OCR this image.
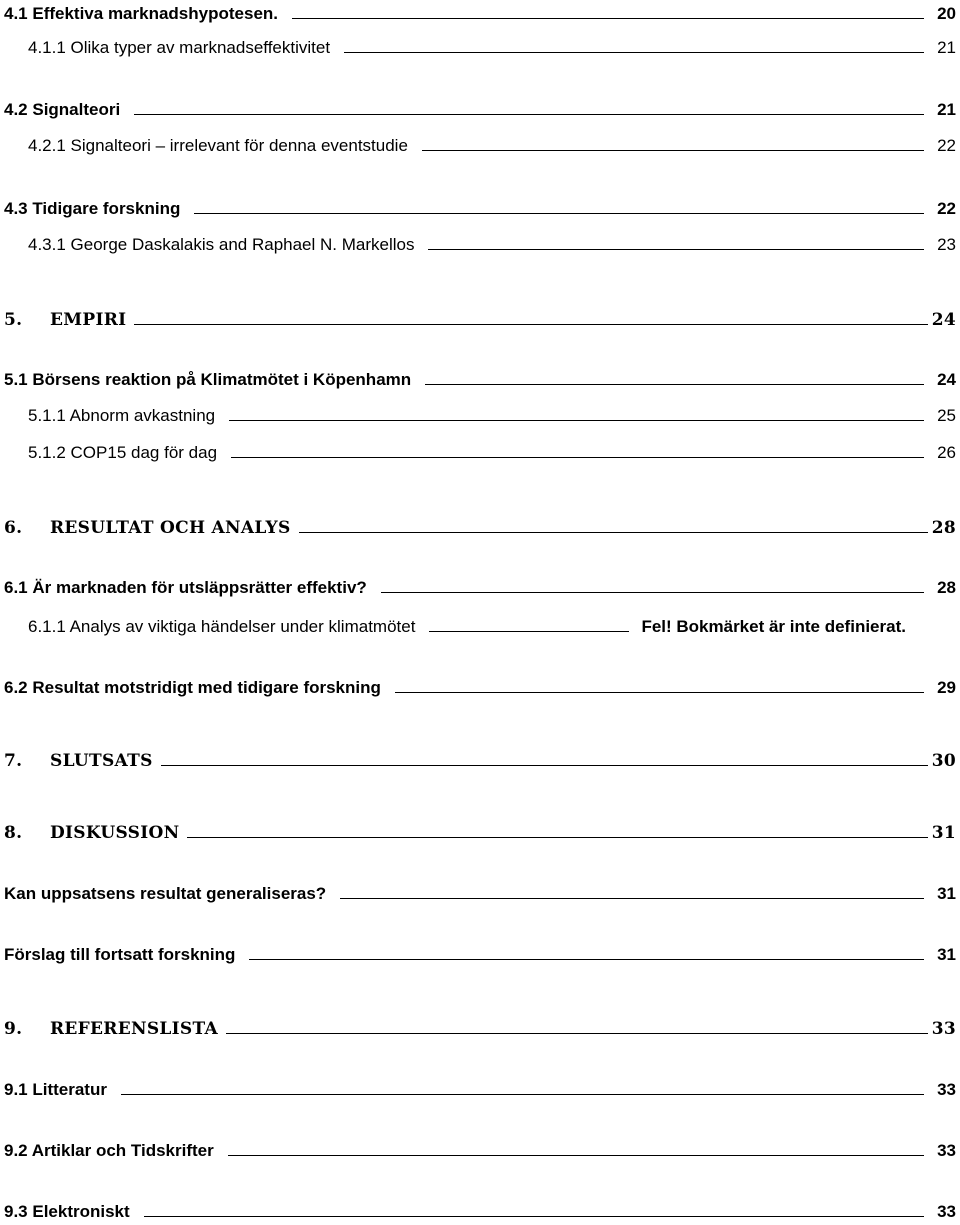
4.1 Effektiva marknadshypotesen.	20
4.1.1 Olika typer av marknadseffektivitet	21
4.2 Signalteori	21
4.2.1 Signalteori – irrelevant för denna eventstudie	22
4.3 Tidigare forskning	22
4.3.1 George Daskalakis and Raphael N. Markellos	23
5. EMPIRI	24
5.1 Börsens reaktion på Klimatmötet i Köpenhamn	24
5.1.1 Abnorm avkastning	25
5.1.2 COP15 dag för dag	26
6. RESULTAT OCH ANALYS	28
6.1 Är marknaden för utsläppsrätter effektiv?	28
6.1.1 Analys av viktiga händelser under klimatmötet	Fel! Bokmärket är inte definierat.
6.2 Resultat motstridigt med tidigare forskning	29
7. SLUTSATS	30
8. DISKUSSION	31
Kan uppsatsens resultat generaliseras?	31
Förslag till fortsatt forskning	31
9. REFERENSLISTA	33
9.1 Litteratur	33
9.2 Artiklar och Tidskrifter	33
9.3 Elektroniskt	33
